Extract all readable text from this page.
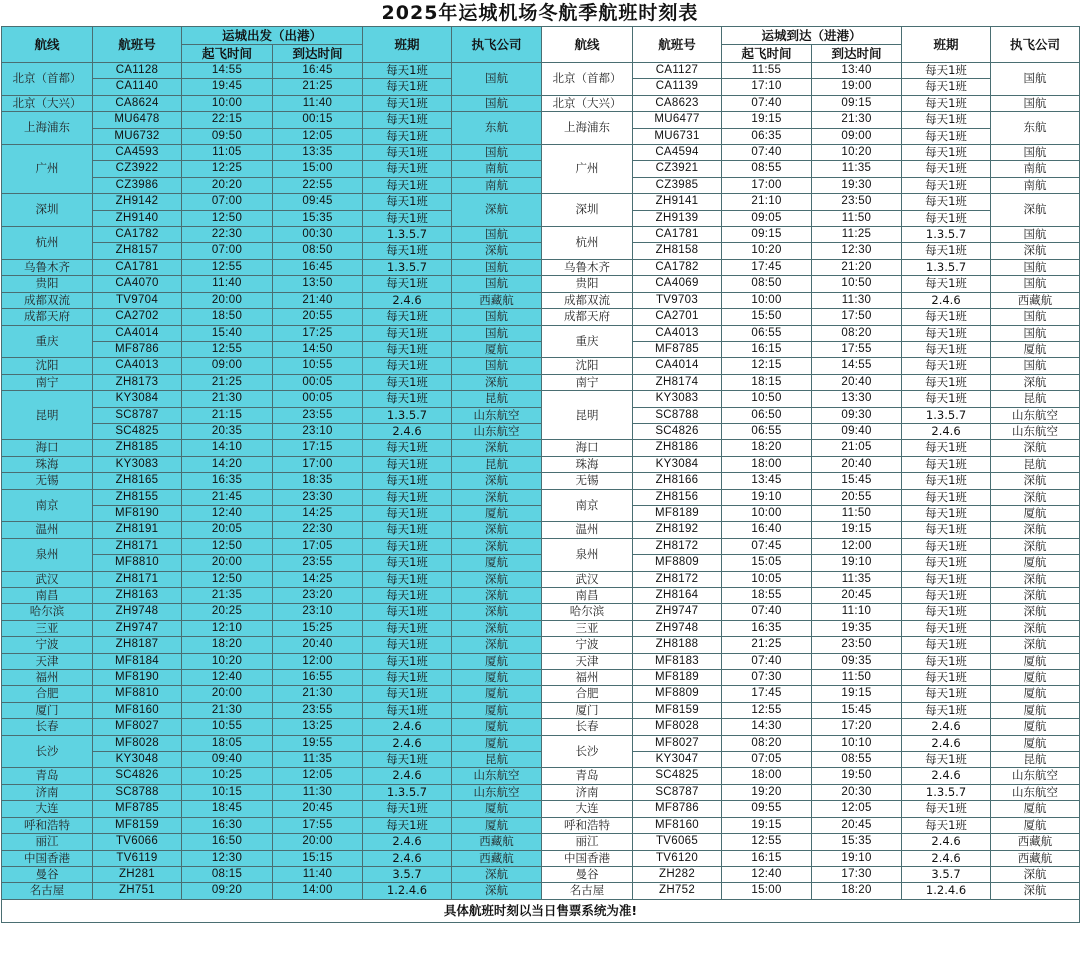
2025年运城机场冬航季航班时刻表
航线	航班号	运城出发（出港）		班期	执飞公司	航线	航班号	运城到达（进港）		班期	执飞公司
		起飞时间	到达时间					起飞时间	到达时间		
北京（首都）	CA1128	14:55	16:45	每天1班	国航	北京（首都）	CA1127	11:55	13:40	每天1班	国航
	CA1140	19:45	21:25	每天1班			CA1139	17:10	19:00	每天1班	
北京（大兴）	CA8624	10:00	11:40	每天1班	国航	北京（大兴）	CA8623	07:40	09:15	每天1班	国航
上海浦东	MU6478	22:15	00:15	每天1班	东航	上海浦东	MU6477	19:15	21:30	每天1班	东航
	MU6732	09:50	12:05	每天1班			MU6731	06:35	09:00	每天1班	
广州	CA4593	11:05	13:35	每天1班	国航	广州	CA4594	07:40	10:20	每天1班	国航
	CZ3922	12:25	15:00	每天1班	南航		CZ3921	08:55	11:35	每天1班	南航
	CZ3986	20:20	22:55	每天1班	南航		CZ3985	17:00	19:30	每天1班	南航
深圳	ZH9142	07:00	09:45	每天1班	深航	深圳	ZH9141	21:10	23:50	每天1班	深航
	ZH9140	12:50	15:35	每天1班			ZH9139	09:05	11:50	每天1班	
杭州	CA1782	22:30	00:30	1.3.5.7	国航	杭州	CA1781	09:15	11:25	1.3.5.7	国航
	ZH8157	07:00	08:50	每天1班	深航		ZH8158	10:20	12:30	每天1班	深航
乌鲁木齐	CA1781	12:55	16:45	1.3.5.7	国航	乌鲁木齐	CA1782	17:45	21:20	1.3.5.7	国航
贵阳	CA4070	11:40	13:50	每天1班	国航	贵阳	CA4069	08:50	10:50	每天1班	国航
成都双流	TV9704	20:00	21:40	2.4.6	西藏航	成都双流	TV9703	10:00	11:30	2.4.6	西藏航
成都天府	CA2702	18:50	20:55	每天1班	国航	成都天府	CA2701	15:50	17:50	每天1班	国航
重庆	CA4014	15:40	17:25	每天1班	国航	重庆	CA4013	06:55	08:20	每天1班	国航
	MF8786	12:55	14:50	每天1班	厦航		MF8785	16:15	17:55	每天1班	厦航
沈阳	CA4013	09:00	10:55	每天1班	国航	沈阳	CA4014	12:15	14:55	每天1班	国航
南宁	ZH8173	21:25	00:05	每天1班	深航	南宁	ZH8174	18:15	20:40	每天1班	深航
昆明	KY3084	21:30	00:05	每天1班	昆航	昆明	KY3083	10:50	13:30	每天1班	昆航
	SC8787	21:15	23:55	1.3.5.7	山东航空		SC8788	06:50	09:30	1.3.5.7	山东航空
	SC4825	20:35	23:10	2.4.6	山东航空		SC4826	06:55	09:40	2.4.6	山东航空
海口	ZH8185	14:10	17:15	每天1班	深航	海口	ZH8186	18:20	21:05	每天1班	深航
珠海	KY3083	14:20	17:00	每天1班	昆航	珠海	KY3084	18:00	20:40	每天1班	昆航
无锡	ZH8165	16:35	18:35	每天1班	深航	无锡	ZH8166	13:45	15:45	每天1班	深航
南京	ZH8155	21:45	23:30	每天1班	深航	南京	ZH8156	19:10	20:55	每天1班	深航
	MF8190	12:40	14:25	每天1班	厦航		MF8189	10:00	11:50	每天1班	厦航
温州	ZH8191	20:05	22:30	每天1班	深航	温州	ZH8192	16:40	19:15	每天1班	深航
泉州	ZH8171	12:50	17:05	每天1班	深航	泉州	ZH8172	07:45	12:00	每天1班	深航
	MF8810	20:00	23:55	每天1班	厦航		MF8809	15:05	19:10	每天1班	厦航
武汉	ZH8171	12:50	14:25	每天1班	深航	武汉	ZH8172	10:05	11:35	每天1班	深航
南昌	ZH8163	21:35	23:20	每天1班	深航	南昌	ZH8164	18:55	20:45	每天1班	深航
哈尔滨	ZH9748	20:25	23:10	每天1班	深航	哈尔滨	ZH9747	07:40	11:10	每天1班	深航
三亚	ZH9747	12:10	15:25	每天1班	深航	三亚	ZH9748	16:35	19:35	每天1班	深航
宁波	ZH8187	18:20	20:40	每天1班	深航	宁波	ZH8188	21:25	23:50	每天1班	深航
天津	MF8184	10:20	12:00	每天1班	厦航	天津	MF8183	07:40	09:35	每天1班	厦航
福州	MF8190	12:40	16:55	每天1班	厦航	福州	MF8189	07:30	11:50	每天1班	厦航
合肥	MF8810	20:00	21:30	每天1班	厦航	合肥	MF8809	17:45	19:15	每天1班	厦航
厦门	MF8160	21:30	23:55	每天1班	厦航	厦门	MF8159	12:55	15:45	每天1班	厦航
长春	MF8027	10:55	13:25	2.4.6	厦航	长春	MF8028	14:30	17:20	2.4.6	厦航
长沙	MF8028	18:05	19:55	2.4.6	厦航	长沙	MF8027	08:20	10:10	2.4.6	厦航
	KY3048	09:40	11:35	每天1班	昆航		KY3047	07:05	08:55	每天1班	昆航
青岛	SC4826	10:25	12:05	2.4.6	山东航空	青岛	SC4825	18:00	19:50	2.4.6	山东航空
济南	SC8788	10:15	11:30	1.3.5.7	山东航空	济南	SC8787	19:20	20:30	1.3.5.7	山东航空
大连	MF8785	18:45	20:45	每天1班	厦航	大连	MF8786	09:55	12:05	每天1班	厦航
呼和浩特	MF8159	16:30	17:55	每天1班	厦航	呼和浩特	MF8160	19:15	20:45	每天1班	厦航
丽江	TV6066	16:50	20:00	2.4.6	西藏航	丽江	TV6065	12:55	15:35	2.4.6	西藏航
中国香港	TV6119	12:30	15:15	2.4.6	西藏航	中国香港	TV6120	16:15	19:10	2.4.6	西藏航
曼谷	ZH281	08:15	11:40	3.5.7	深航	曼谷	ZH282	12:40	17:30	3.5.7	深航
名古屋	ZH751	09:20	14:00	1.2.4.6	深航	名古屋	ZH752	15:00	18:20	1.2.4.6	深航
具体航班时刻以当日售票系统为准!											
